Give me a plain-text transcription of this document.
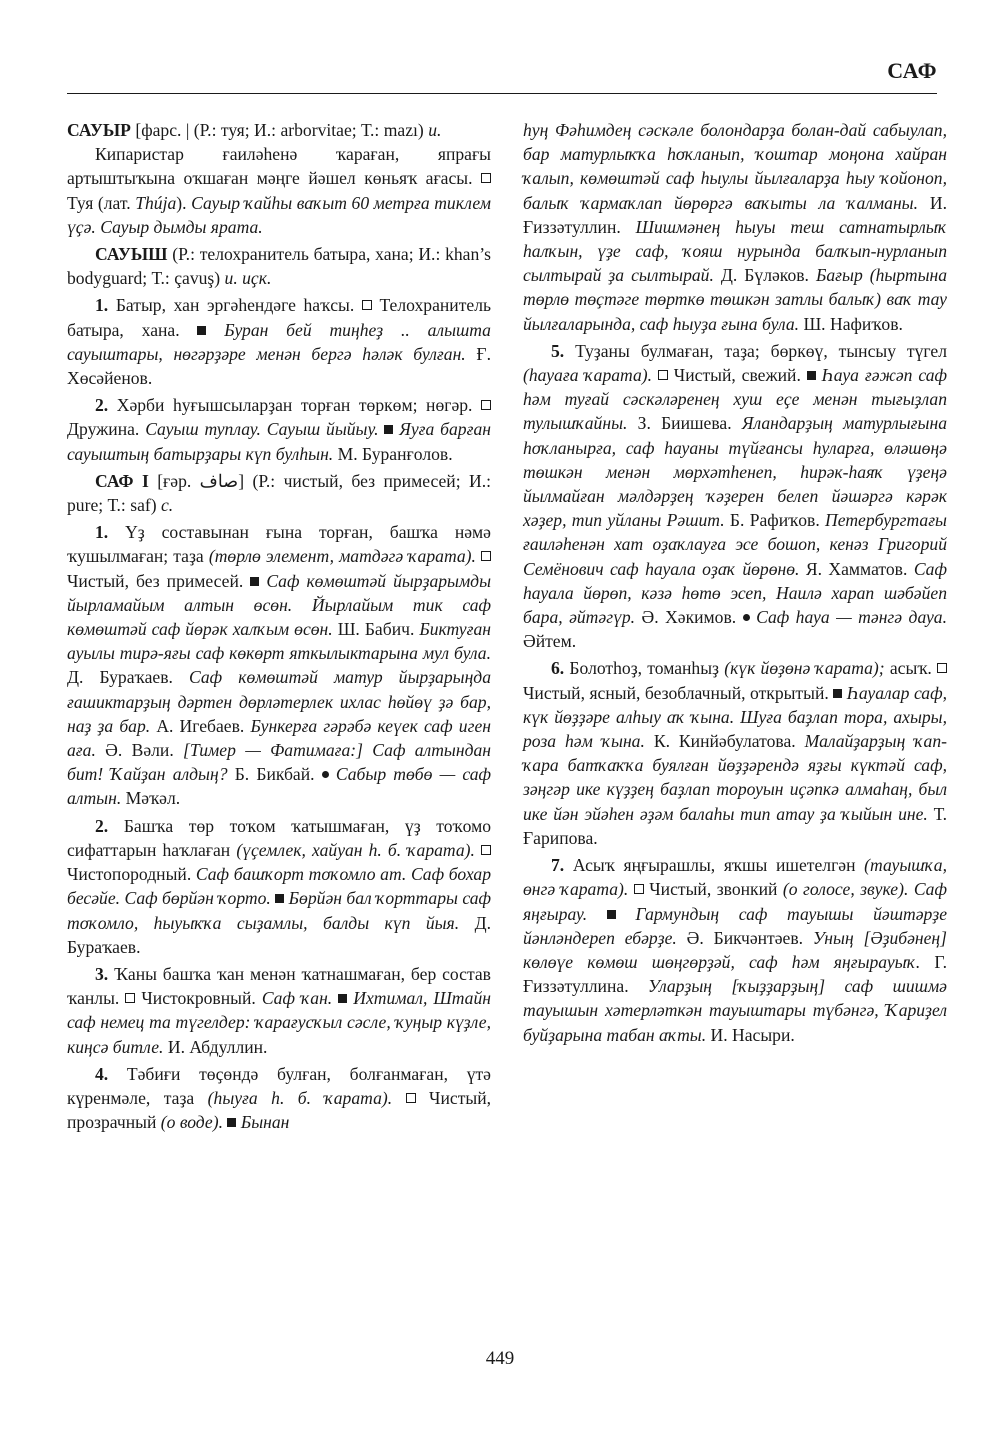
САФ

САУЫР [фарс. | (Р.: туя; И.: arborvitae; Т.: mazı) и.

Кипаристар ғаиләһенә ҡараған, япрағы артыштыҡына оҡшаған мәңге йәшел көньяҡ ағасы.  Туя (лат. Thúja). Сауыр ҡайһы ваҡыт 60 метрға тиклем үҫә. Сауыр дымды ярата.

САУЫШ (Р.: телохранитель батыра, хана; И.: khan’s bodyguard; Т.: çavuş) и. иҫк.

1. Батыр, хан эргәһендәге һаҡсы. Телохранитель батыра, хана.	Буран бей тиңһеҙ .. алышта сауыштары, нөгәрҙәре менән бергә һәләк булған. Ғ. Хөсәйенов.

2. Хәрби һуғышсыларҙан торған төркөм; нөгәр.  Дружина. Сауыш туплау. Сауыш йыйыу. Яуға барған сауыштың батырҙары күп булһын. М. Буранғолов.

САФ I [ғәр. صاف] (Р.: чистый, без примесей; И.: pure; Т.: saf) с.

1. Үҙ составынан ғына торған, башҡа нәмә ҡушылмаған; таҙа (төрлө элемент, матдәгә ҡарата).  Чистый, без примесей. Саф көмөштәй йырҙарымды йырламайым алтын өсөн. Йырлайым тик саф көмөштәй саф йөрәк халҡым өсөн. Ш. Бабич. Биктуған ауылы тирә-яғы саф көкөрт яткылыктарына мул була. Д. Бураҡаев. Саф көмөштәй матур йырҙарыңда ғашиктарҙың дәртен дөрләтерлек ихлас һөйөү ҙә бар, наҙ ҙа бар. А. Игебаев. Бункерға гәрәбә кеүек саф иген аға. Ә. Вәли. [Тимер — Фатимаға:] Саф алтындан бит! Ҡайҙан алдың? Б. Бикбай. Сабыр төбө — саф алтын. Мәҡәл.

2. Башҡа төр тоҡом ҡатышмаған, үҙ тоҡомо сифаттарын һаҡлаған (үҫемлек, хайуан һ. б. ҡарата).  Чистопородный. Саф башҡорт тоҡомло ат. Саф бохар бесәйе. Саф бөрйән ҡорто. Бөрйән бал ҡорттары саф тоҡомло, һыуыҡҡа сыҙамлы, балды күп йыя. Д. Бураҡаев.

3. Ҡаны башҡа ҡан менән ҡатнашмаған, бер состав ҡанлы. Чистокровный. Саф ҡан. Ихтимал, Штайн саф немец та түгелдер: ҡарағусҡыл сәсле, ҡуңыр күҙле, киңсә битле. И. Абдуллин.

4. Тәбиғи төҫөндә булған, болғанмаған, үтә күренмәле, таҙа (һыуға һ. б. ҡарата). Чистый, прозрачный (о воде). Бынан

һуң Фәһимдең сәскәле болондарҙа болан-дай сабыулап, бар матурлыҡҡа һоҡланып, ҡоштар моңона хайран ҡалып, көмөштәй саф һыулы йылғаларҙа һыу ҡойоноп, балыҡ ҡармаҡлап йөрөргә ваҡыты ла ҡалманы. И. Ғиззәтуллин. Шишмәнең һыуы теш сатнатырлыҡ һалҡын, үҙе саф, ҡояш нурында балҡып-нурланып сылтырай ҙа сылтырай. Д. Бүләков. Бағыр (һыртына төрлө төҫтәге төрткө төшкән затлы балыҡ) ваҡ тау йылғаларында, саф һыуҙа ғына була. Ш. Нафиҡов.

5. Туҙаны булмаған, таҙа; бөркөү, тынсыу түгел (һауаға ҡарата). Чистый, свежий. Һауа ғәжәп саф һәм туғай сәскәләренең хуш еҫе менән тығыҙлап тулышҡайны. З. Биишева. Яландарҙың матурлығына һоҡланырға, саф һауаны түйғансы һуларға, өләшөңә төшкән менән мөрхәтһенеп, һирәк-һаяҡ үҙеңә йылмайған мәлдәрҙең ҡәҙерен белеп йәшәргә кәрәк хәҙер, тип уйланы Рәшит. Б. Рафиҡов. Петербургтағы ғаиләһенән хат оҙаҡлауға эсе бошоп, кенәз Григорий Семёнович саф һауала оҙаҡ йөрөнө. Я. Хамматов. Саф һауала йөрөп, кәзә һөтө эсеп, Наилә харап шәбәйеп бара, әйтәгүр. Ә. Хәкимов. Саф һауа — тәнгә дауа. Әйтем.

6. Болотһоҙ, томанһыҙ (күк йөҙөнә ҡарата); асыҡ.  Чистый, ясный, безоблачный, открытый. Һауалар саф, күк йөҙҙәре алһыу аҡ ҡына. Шуға баҙлап тора, ахыры, роза һәм ҡына. К. Кинйәбулатова. Малайҙарҙың ҡап-ҡара батҡаҡҡа буялған йөҙҙәрендә яҙғы күктәй саф, зәңгәр ике күҙҙең баҙлап тороуын иҫәпкә алмаһаң, был ике йән эйәһен әҙәм балаһы тип атау ҙа ҡыйын ине. Т. Ғарипова.

7. Асыҡ яңғырашлы, яҡшы ишетелгән (тауышҡа, өнгә ҡарата). Чистый, звонкий (о голосе, звуке). Саф яңғырау.	Гармундың саф тауышы йәштәрҙе йәнләндереп ебәрҙе. Ә. Бикчәнтәев. Уның [Әҙибәнең] көлөүе көмөш шөңгөрҙәй, саф һәм яңғырауыҡ. Г. Ғиззәтуллина. Уларҙың [ҡыҙҙарҙың] саф шишмә тауышын хәтерләткән тауыштары түбәнгә, Ҡариҙел буйҙарына табан аҡты. И. Насыри.

449
